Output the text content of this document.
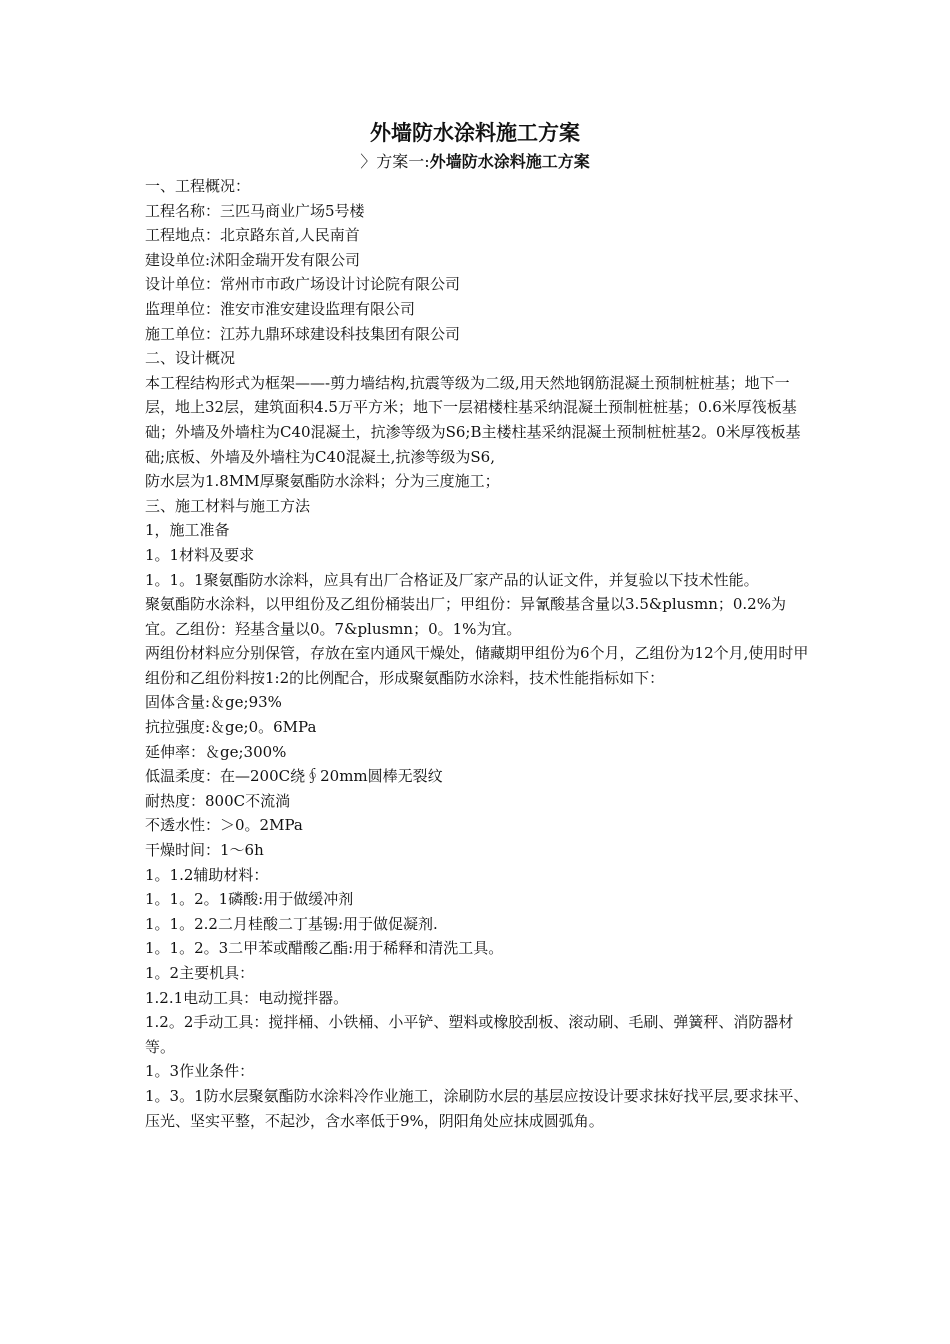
外墙防水涂料施工方案
〉方案一:外墙防水涂料施工方案

一、工程概况：

工程名称：三匹马商业广场5号楼

工程地点：北京路东首,人民南首

建设单位:沭阳金瑞开发有限公司

设计单位：常州市市政广场设计讨论院有限公司

监理单位：淮安市淮安建设监理有限公司

施工单位：江苏九鼎环球建设科技集团有限公司

二、设计概况

本工程结构形式为框架——-剪力墙结构,抗震等级为二级,用天然地钢筋混凝土预制桩桩基；地下一层，地上32层，建筑面积4.5万平方米；地下一层裙楼柱基采纳混凝土预制桩桩基；0.6米厚筏板基础；外墙及外墙柱为C40混凝土，抗渗等级为S6;B主楼柱基采纳混凝土预制桩桩基2。0米厚筏板基础;底板、外墙及外墙柱为C40混凝土,抗渗等级为S6,

防水层为1.8MM厚聚氨酯防水涂料；分为三度施工；

三、施工材料与施工方法

1，施工准备

1。1材料及要求

1。1。1聚氨酯防水涂料，应具有出厂合格证及厂家产品的认证文件，并复验以下技术性能。

聚氨酯防水涂料，以甲组份及乙组份桶装出厂；甲组份：异氰酸基含量以3.5&plusmn；0.2%为宜。乙组份：羟基含量以0。7&plusmn；0。1%为宜。

两组份材料应分别保管，存放在室内通风干燥处，储藏期甲组份为6个月，乙组份为12个月,使用时甲组份和乙组份料按1:2的比例配合，形成聚氨酯防水涂料，技术性能指标如下：

固体含量:＆ge;93%

抗拉强度:＆ge;0。6MPa

延伸率：＆ge;300%

低温柔度：在—200C绕∮20mm圆棒无裂纹

耐热度：800C不流淌

不透水性：＞0。2MPa

干燥时间：1～6h

1。1.2辅助材料：

1。1。2。1磷酸:用于做缓冲剂

1。1。2.2二月桂酸二丁基锡:用于做促凝剂.

1。1。2。3二甲苯或醋酸乙酯:用于稀释和清洗工具。

1。2主要机具：

1.2.1电动工具：电动搅拌器。

1.2。2手动工具：搅拌桶、小铁桶、小平铲、塑料或橡胶刮板、滚动刷、毛刷、弹簧秤、消防器材等。

1。3作业条件：

1。3。1防水层聚氨酯防水涂料冷作业施工，涂刷防水层的基层应按设计要求抹好找平层,要求抹平、压光、坚实平整，不起沙，含水率低于9%，阴阳角处应抹成圆弧角。
